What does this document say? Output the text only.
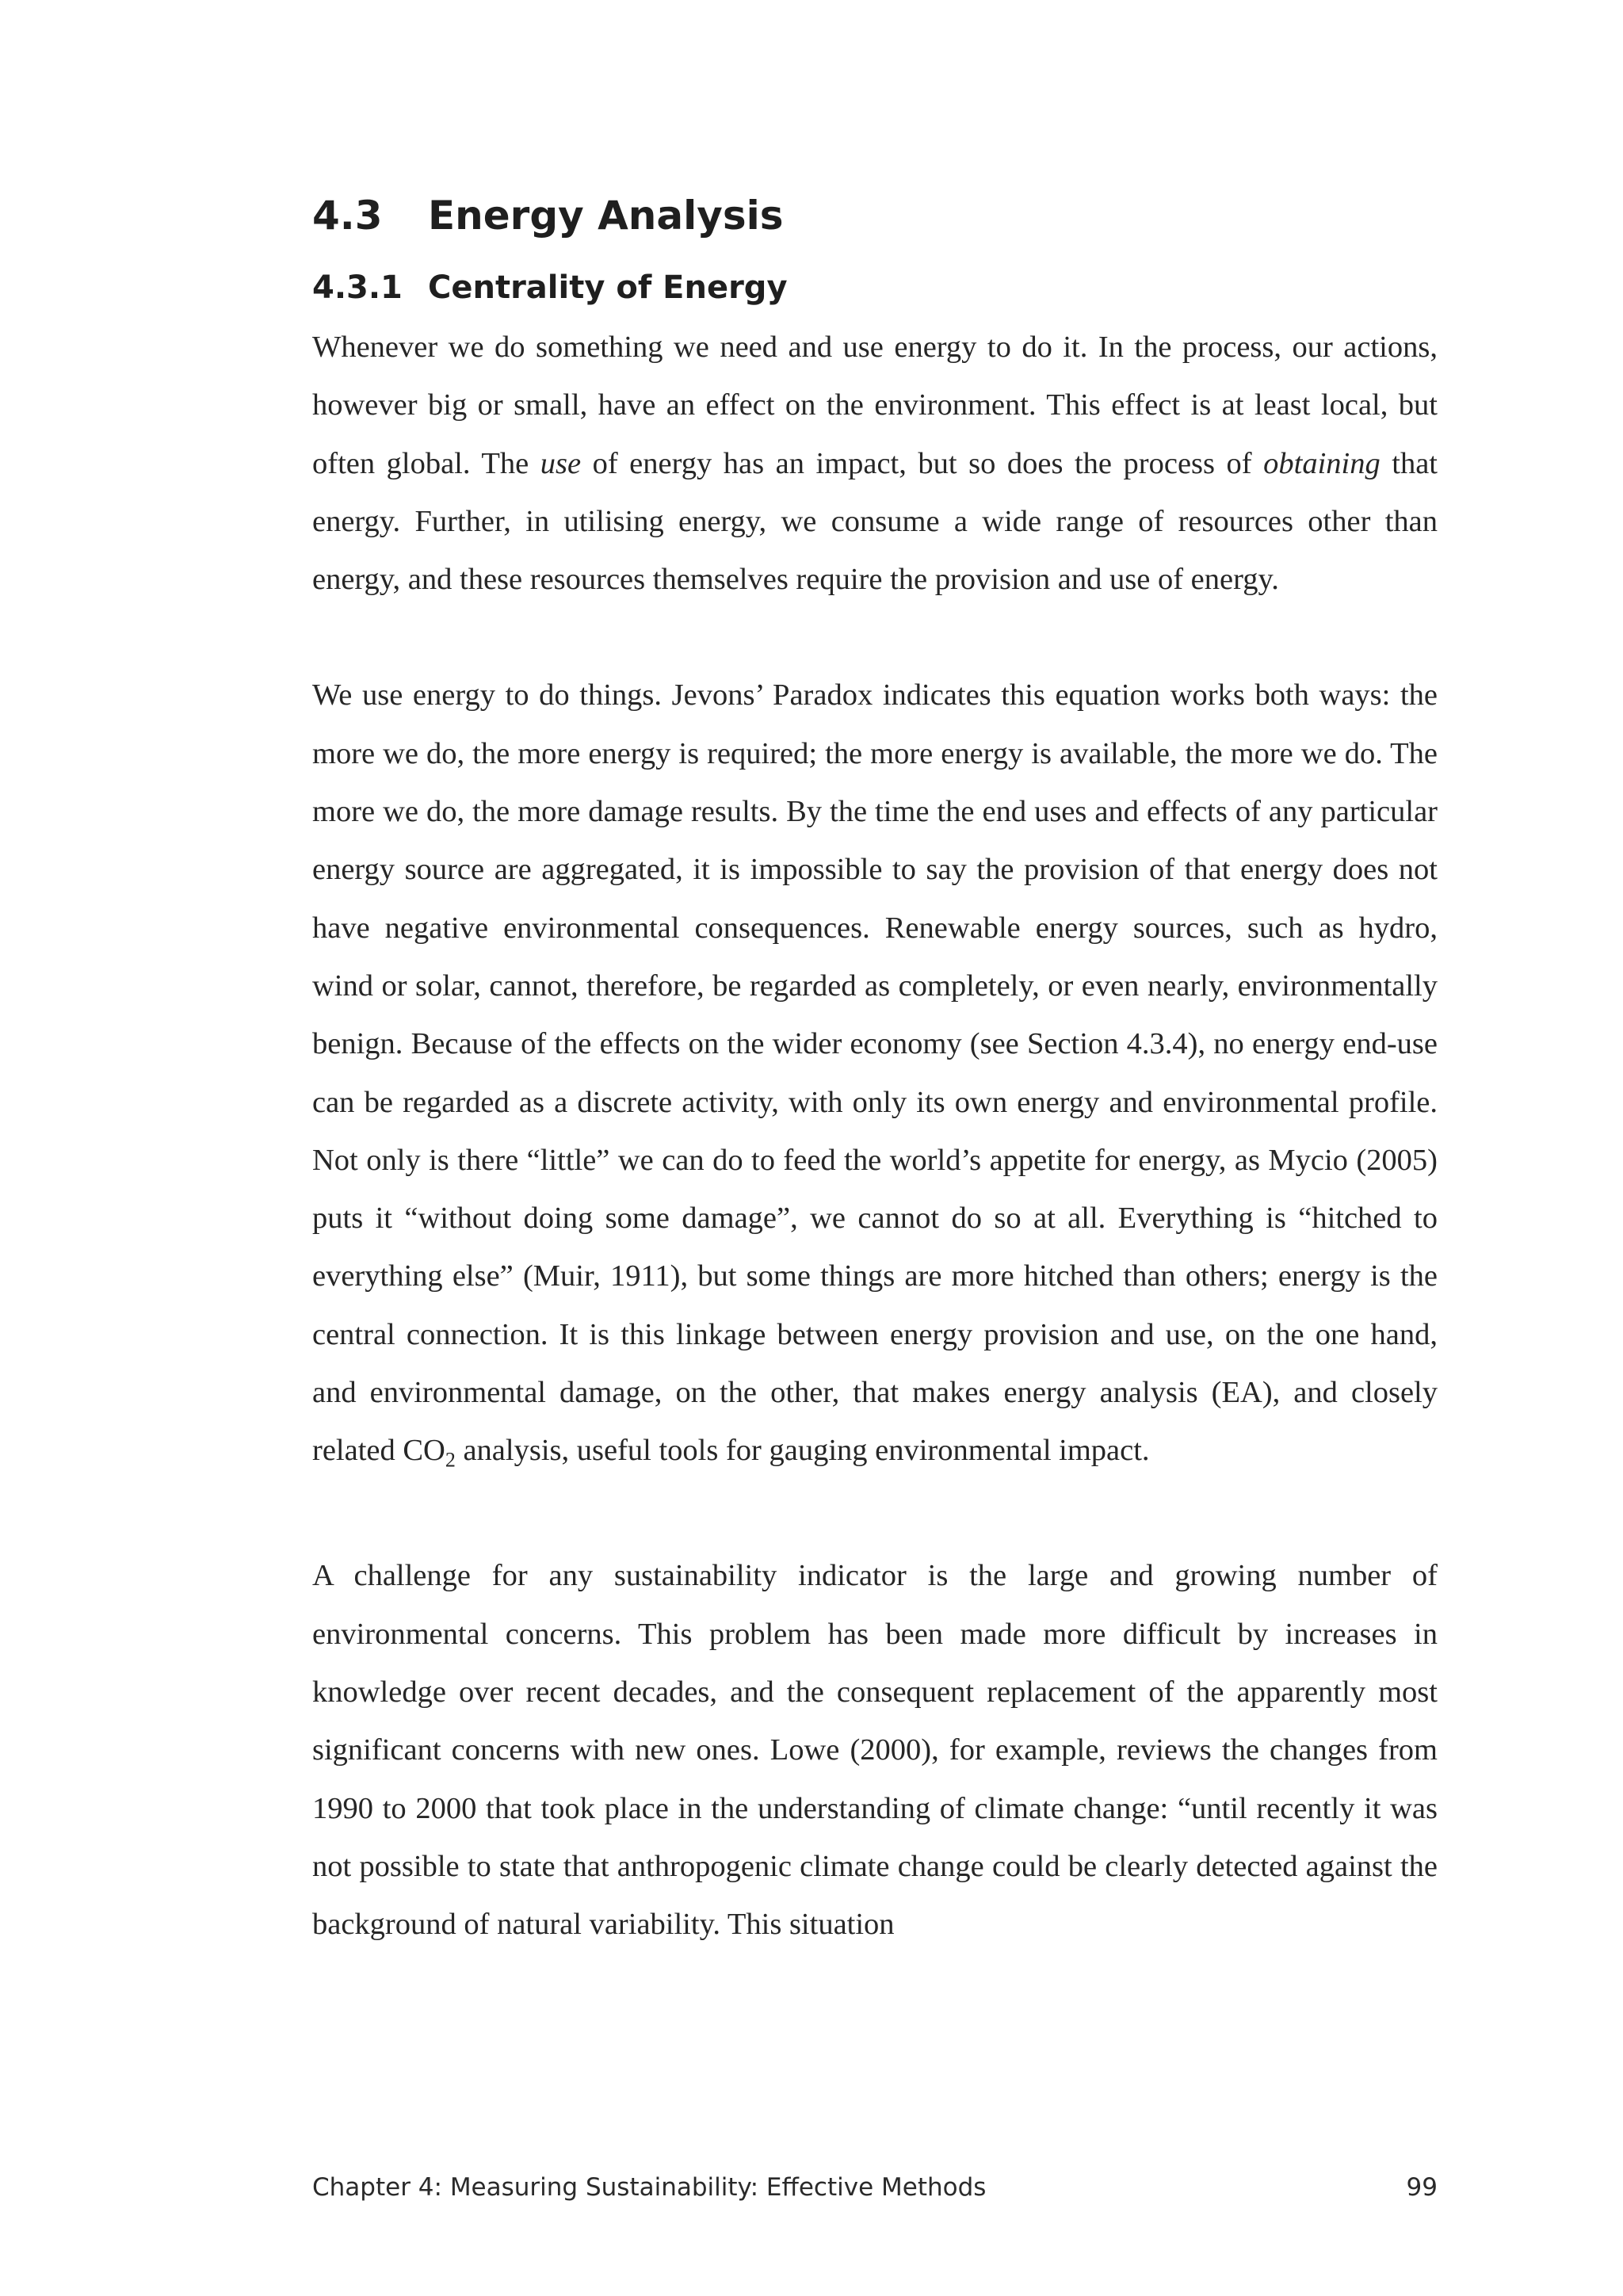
4.3 Energy Analysis
4.3.1 Centrality of Energy

Whenever we do something we need and use energy to do it. In the process, our actions, however big or small, have an effect on the environment. This effect is at least local, but often global. The use of energy has an impact, but so does the process of obtaining that energy. Further, in utilising energy, we consume a wide range of resources other than energy, and these resources themselves require the provision and use of energy.

We use energy to do things. Jevons’ Paradox indicates this equation works both ways: the more we do, the more energy is required; the more energy is available, the more we do. The more we do, the more damage results. By the time the end uses and effects of any particular energy source are aggregated, it is impossible to say the provision of that energy does not have negative environmental consequences. Renewable energy sources, such as hydro, wind or solar, cannot, therefore, be regarded as completely, or even nearly, environmentally benign. Because of the effects on the wider economy (see Section 4.3.4), no energy end-use can be regarded as a discrete activity, with only its own energy and environmental profile. Not only is there “little” we can do to feed the world’s appetite for energy, as Mycio (2005) puts it “without doing some damage”, we cannot do so at all. Everything is “hitched to everything else” (Muir, 1911), but some things are more hitched than others; energy is the central connection. It is this linkage between energy provision and use, on the one hand, and environmental damage, on the other, that makes energy analysis (EA), and closely related $CO_2$ analysis, useful tools for gauging environmental impact.

A challenge for any sustainability indicator is the large and growing number of environmental concerns. This problem has been made more difficult by increases in knowledge over recent decades, and the consequent replacement of the apparently most significant concerns with new ones. Lowe (2000), for example, reviews the changes from 1990 to 2000 that took place in the understanding of climate change: “until recently it was not possible to state that anthropogenic climate change could be clearly detected against the background of natural variability. This situation

Chapter 4: Measuring Sustainability: Effective Methods	99
